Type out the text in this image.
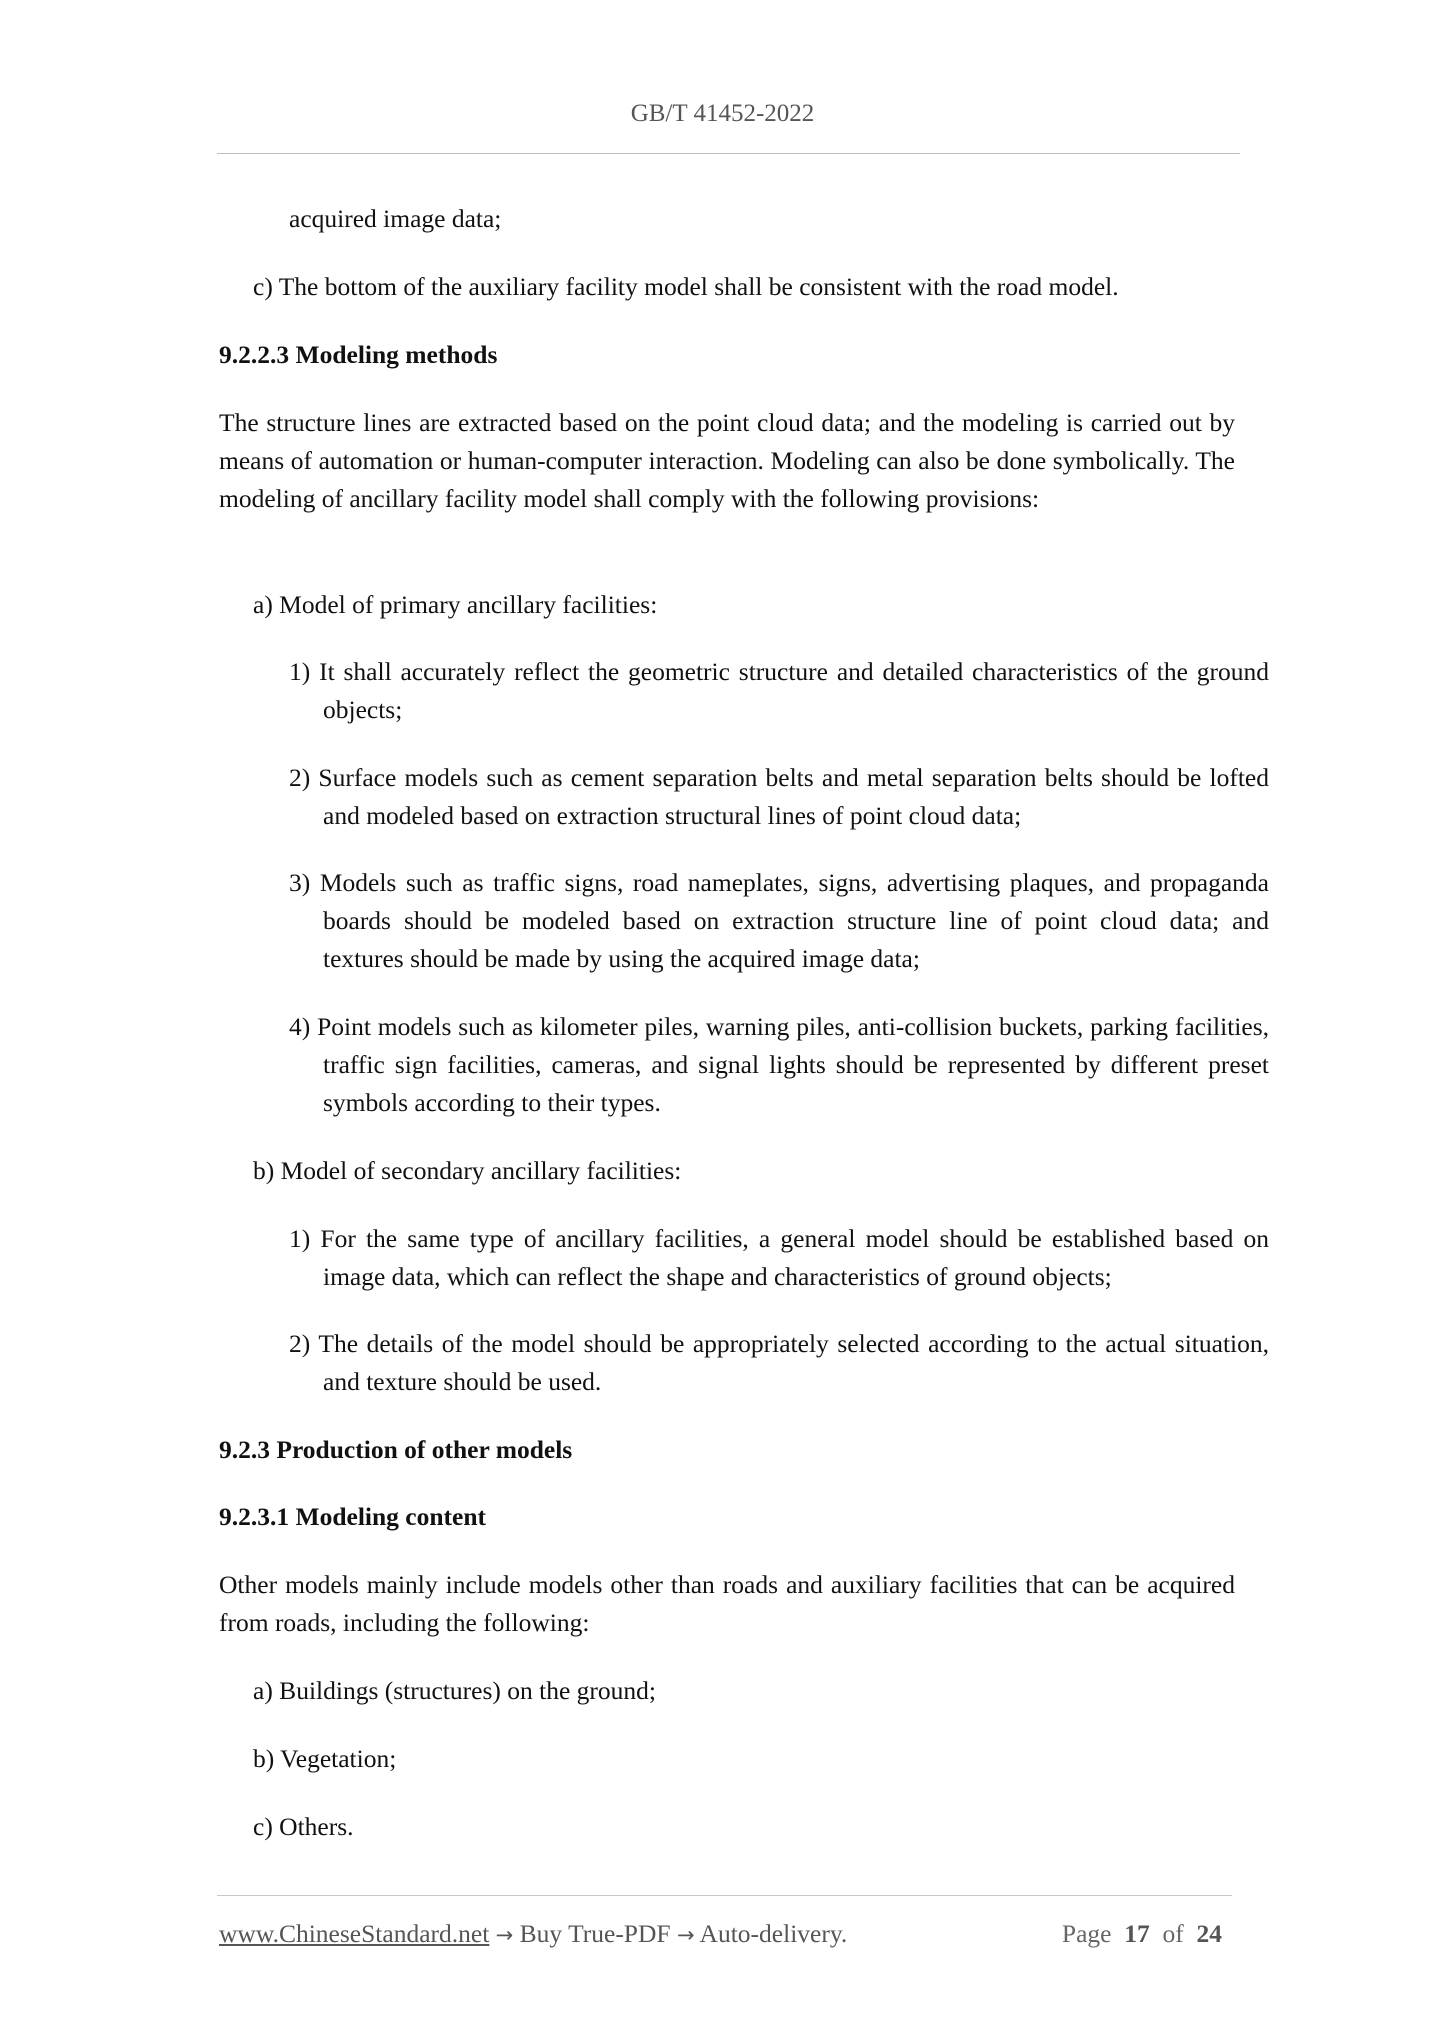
GB/T 41452-2022

acquired image data;

c) The bottom of the auxiliary facility model shall be consistent with the road model.

9.2.2.3 Modeling methods

The structure lines are extracted based on the point cloud data; and the modeling is carried out by means of automation or human-computer interaction. Modeling can also be done symbolically. The modeling of ancillary facility model shall comply with the following provisions:

a) Model of primary ancillary facilities:

1) It shall accurately reflect the geometric structure and detailed characteristics of the ground objects;

2) Surface models such as cement separation belts and metal separation belts should be lofted and modeled based on extraction structural lines of point cloud data;

3) Models such as traffic signs, road nameplates, signs, advertising plaques, and propaganda boards should be modeled based on extraction structure line of point cloud data; and textures should be made by using the acquired image data;

4) Point models such as kilometer piles, warning piles, anti-collision buckets, parking facilities, traffic sign facilities, cameras, and signal lights should be represented by different preset symbols according to their types.

b) Model of secondary ancillary facilities:

1) For the same type of ancillary facilities, a general model should be established based on image data, which can reflect the shape and characteristics of ground objects;

2) The details of the model should be appropriately selected according to the actual situation, and texture should be used.

9.2.3 Production of other models

9.2.3.1 Modeling content

Other models mainly include models other than roads and auxiliary facilities that can be acquired from roads, including the following:

a) Buildings (structures) on the ground;

b) Vegetation;

c) Others.

www.ChineseStandard.net → Buy True-PDF → Auto-delivery.	Page 17 of 24
